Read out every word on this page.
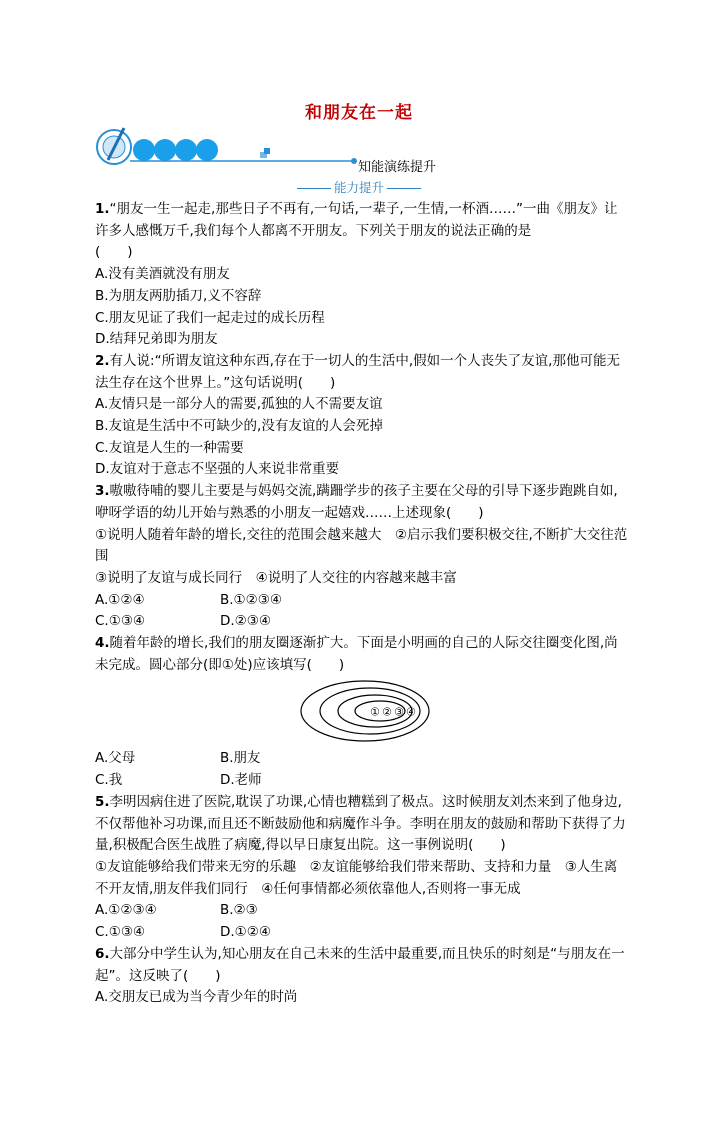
和朋友在一起
知能演练提升
能力提升

1.“朋友一生一起走,那些日子不再有,一句话,一辈子,一生情,一杯酒……”一曲《朋友》让许多人感慨万千,我们每个人都离不开朋友。下列关于朋友的说法正确的是

(　　)

A.没有美酒就没有朋友

B.为朋友两肋插刀,义不容辞

C.朋友见证了我们一起走过的成长历程

D.结拜兄弟即为朋友

2.有人说:“所谓友谊这种东西,存在于一切人的生活中,假如一个人丧失了友谊,那他可能无法生存在这个世界上。”这句话说明(　　)

A.友情只是一部分人的需要,孤独的人不需要友谊

B.友谊是生活中不可缺少的,没有友谊的人会死掉

C.友谊是人生的一种需要

D.友谊对于意志不坚强的人来说非常重要

3.嗷嗷待哺的婴儿主要是与妈妈交流,蹒跚学步的孩子主要在父母的引导下逐步跑跳自如,咿呀学语的幼儿开始与熟悉的小朋友一起嬉戏……上述现象(　　)

①说明人随着年龄的增长,交往的范围会越来越大　②启示我们要积极交往,不断扩大交往范围

③说明了友谊与成长同行　④说明了人交往的内容越来越丰富

A.①②④	B.①②③④
C.①③④	D.②③④

4.随着年龄的增长,我们的朋友圈逐渐扩大。下面是小明画的自己的人际交往圈变化图,尚未完成。圆心部分(即①处)应该填写(　　)

① ② ③ ④
A.父母	B.朋友
C.我	D.老师

5.李明因病住进了医院,耽误了功课,心情也糟糕到了极点。这时候朋友刘杰来到了他身边,不仅帮他补习功课,而且还不断鼓励他和病魔作斗争。李明在朋友的鼓励和帮助下获得了力量,积极配合医生战胜了病魔,得以早日康复出院。这一事例说明(　　)

①友谊能够给我们带来无穷的乐趣　②友谊能够给我们带来帮助、支持和力量　③人生离不开友情,朋友伴我们同行　④任何事情都必须依靠他人,否则将一事无成

A.①②③④	B.②③
C.①③④	D.①②④

6.大部分中学生认为,知心朋友在自己未来的生活中最重要,而且快乐的时刻是“与朋友在一起”。这反映了(　　)

A.交朋友已成为当今青少年的时尚
